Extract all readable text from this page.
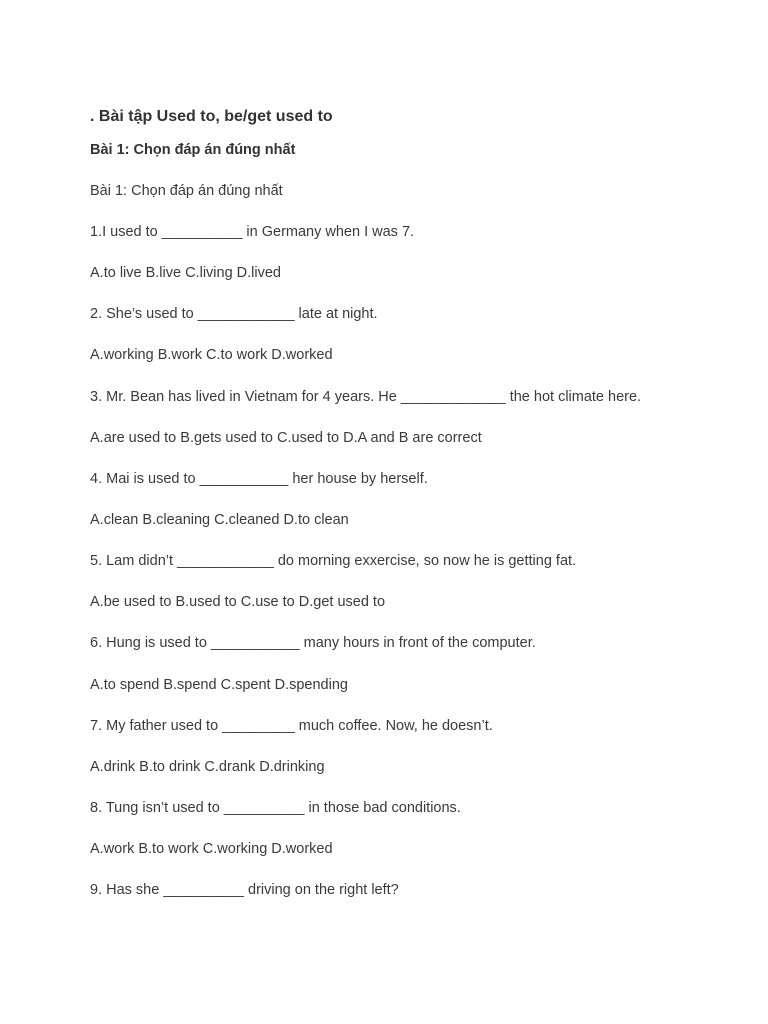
. Bài tập Used to, be/get used to
Bài 1: Chọn đáp án đúng nhất
Bài 1: Chọn đáp án đúng nhất
1.I used to __________ in Germany when I was 7.
A.to live B.live C.living D.lived
2. She’s used to ____________ late at night.
A.working B.work C.to work D.worked
3. Mr. Bean has lived in Vietnam for 4 years. He _____________ the hot climate here.
A.are used to B.gets used to C.used to D.A and B are correct
4. Mai is used to ___________ her house by herself.
A.clean B.cleaning C.cleaned D.to clean
5. Lam didn’t ____________ do morning exxercise, so now he is getting fat.
A.be used to B.used to C.use to D.get used to
6. Hung is used to ___________ many hours in front of the computer.
A.to spend B.spend C.spent D.spending
7. My father used to _________ much coffee. Now, he doesn’t.
A.drink B.to drink C.drank D.drinking
8. Tung isn’t used to __________ in those bad conditions.
A.work B.to work C.working D.worked
9. Has she __________ driving on the right left?
